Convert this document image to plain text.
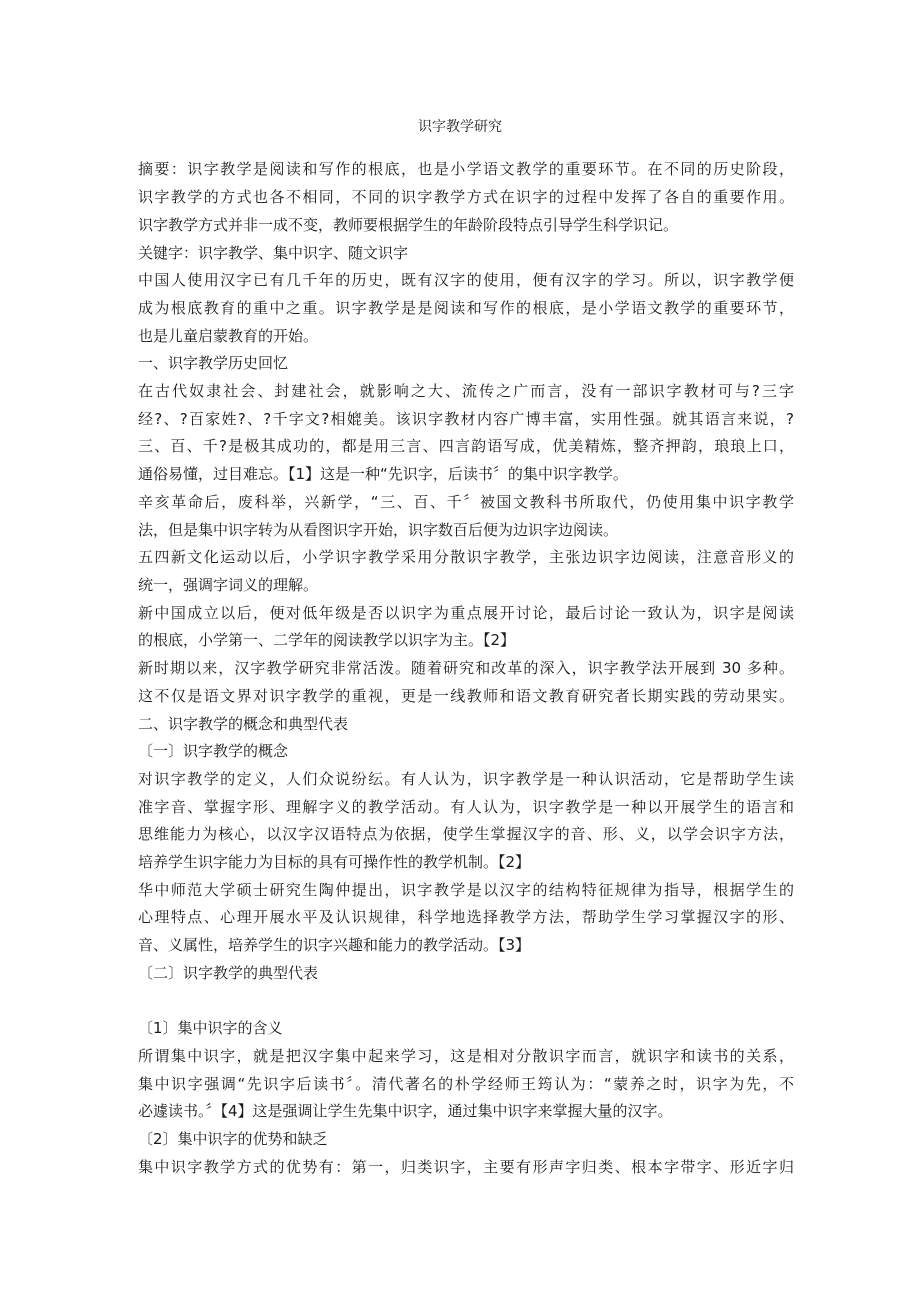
识字教学研究
摘要：识字教学是阅读和写作的根底，也是小学语文教学的重要环节。在不同的历史阶段，
识字教学的方式也各不相同，不同的识字教学方式在识字的过程中发挥了各自的重要作用。
识字教学方式并非一成不变，教师要根据学生的年龄阶段特点引导学生科学识记。
关键字：识字教学、集中识字、随文识字
中国人使用汉字已有几千年的历史，既有汉字的使用，便有汉字的学习。所以，识字教学便
成为根底教育的重中之重。识字教学是是阅读和写作的根底，是小学语文教学的重要环节，
也是儿童启蒙教育的开始。
一、识字教学历史回忆
在古代奴隶社会、封建社会，就影响之大、流传之广而言，没有一部识字教材可与?三字
经?、?百家姓?、?千字文?相媲美。该识字教材内容广博丰富，实用性强。就其语言来说，?
三、百、千?是极其成功的，都是用三言、四言韵语写成，优美精炼，整齐押韵，琅琅上口，
通俗易懂，过目难忘。【1】这是一种“先识字，后读书〞的集中识字教学。
辛亥革命后，废科举，兴新学，“三、百、千〞被国文教科书所取代，仍使用集中识字教学
法，但是集中识字转为从看图识字开始，识字数百后便为边识字边阅读。
五四新文化运动以后，小学识字教学采用分散识字教学，主张边识字边阅读，注意音形义的
统一，强调字词义的理解。
新中国成立以后，便对低年级是否以识字为重点展开讨论，最后讨论一致认为，识字是阅读
的根底，小学第一、二学年的阅读教学以识字为主。【2】
新时期以来，汉字教学研究非常活泼。随着研究和改革的深入，识字教学法开展到 30 多种。
这不仅是语文界对识字教学的重视，更是一线教师和语文教育研究者长期实践的劳动果实。
二、识字教学的概念和典型代表
〔一〕识字教学的概念
对识字教学的定义，人们众说纷纭。有人认为，识字教学是一种认识活动，它是帮助学生读
准字音、掌握字形、理解字义的教学活动。有人认为，识字教学是一种以开展学生的语言和
思维能力为核心，以汉字汉语特点为依据，使学生掌握汉字的音、形、义，以学会识字方法，
培养学生识字能力为目标的具有可操作性的教学机制。【2】
华中师范大学硕士研究生陶仲提出，识字教学是以汉字的结构特征规律为指导，根据学生的
心理特点、心理开展水平及认识规律，科学地选择教学方法，帮助学生学习掌握汉字的形、
音、义属性，培养学生的识字兴趣和能力的教学活动。【3】
〔二〕识字教学的典型代表
〔1〕集中识字的含义
所谓集中识字，就是把汉字集中起来学习，这是相对分散识字而言，就识字和读书的关系，
集中识字强调“先识字后读书〞。清代著名的朴学经师王筠认为：“蒙养之时，识字为先，不
必遽读书。〞【4】这是强调让学生先集中识字，通过集中识字来掌握大量的汉字。
〔2〕集中识字的优势和缺乏
集中识字教学方式的优势有：第一，归类识字，主要有形声字归类、根本字带字、形近字归
